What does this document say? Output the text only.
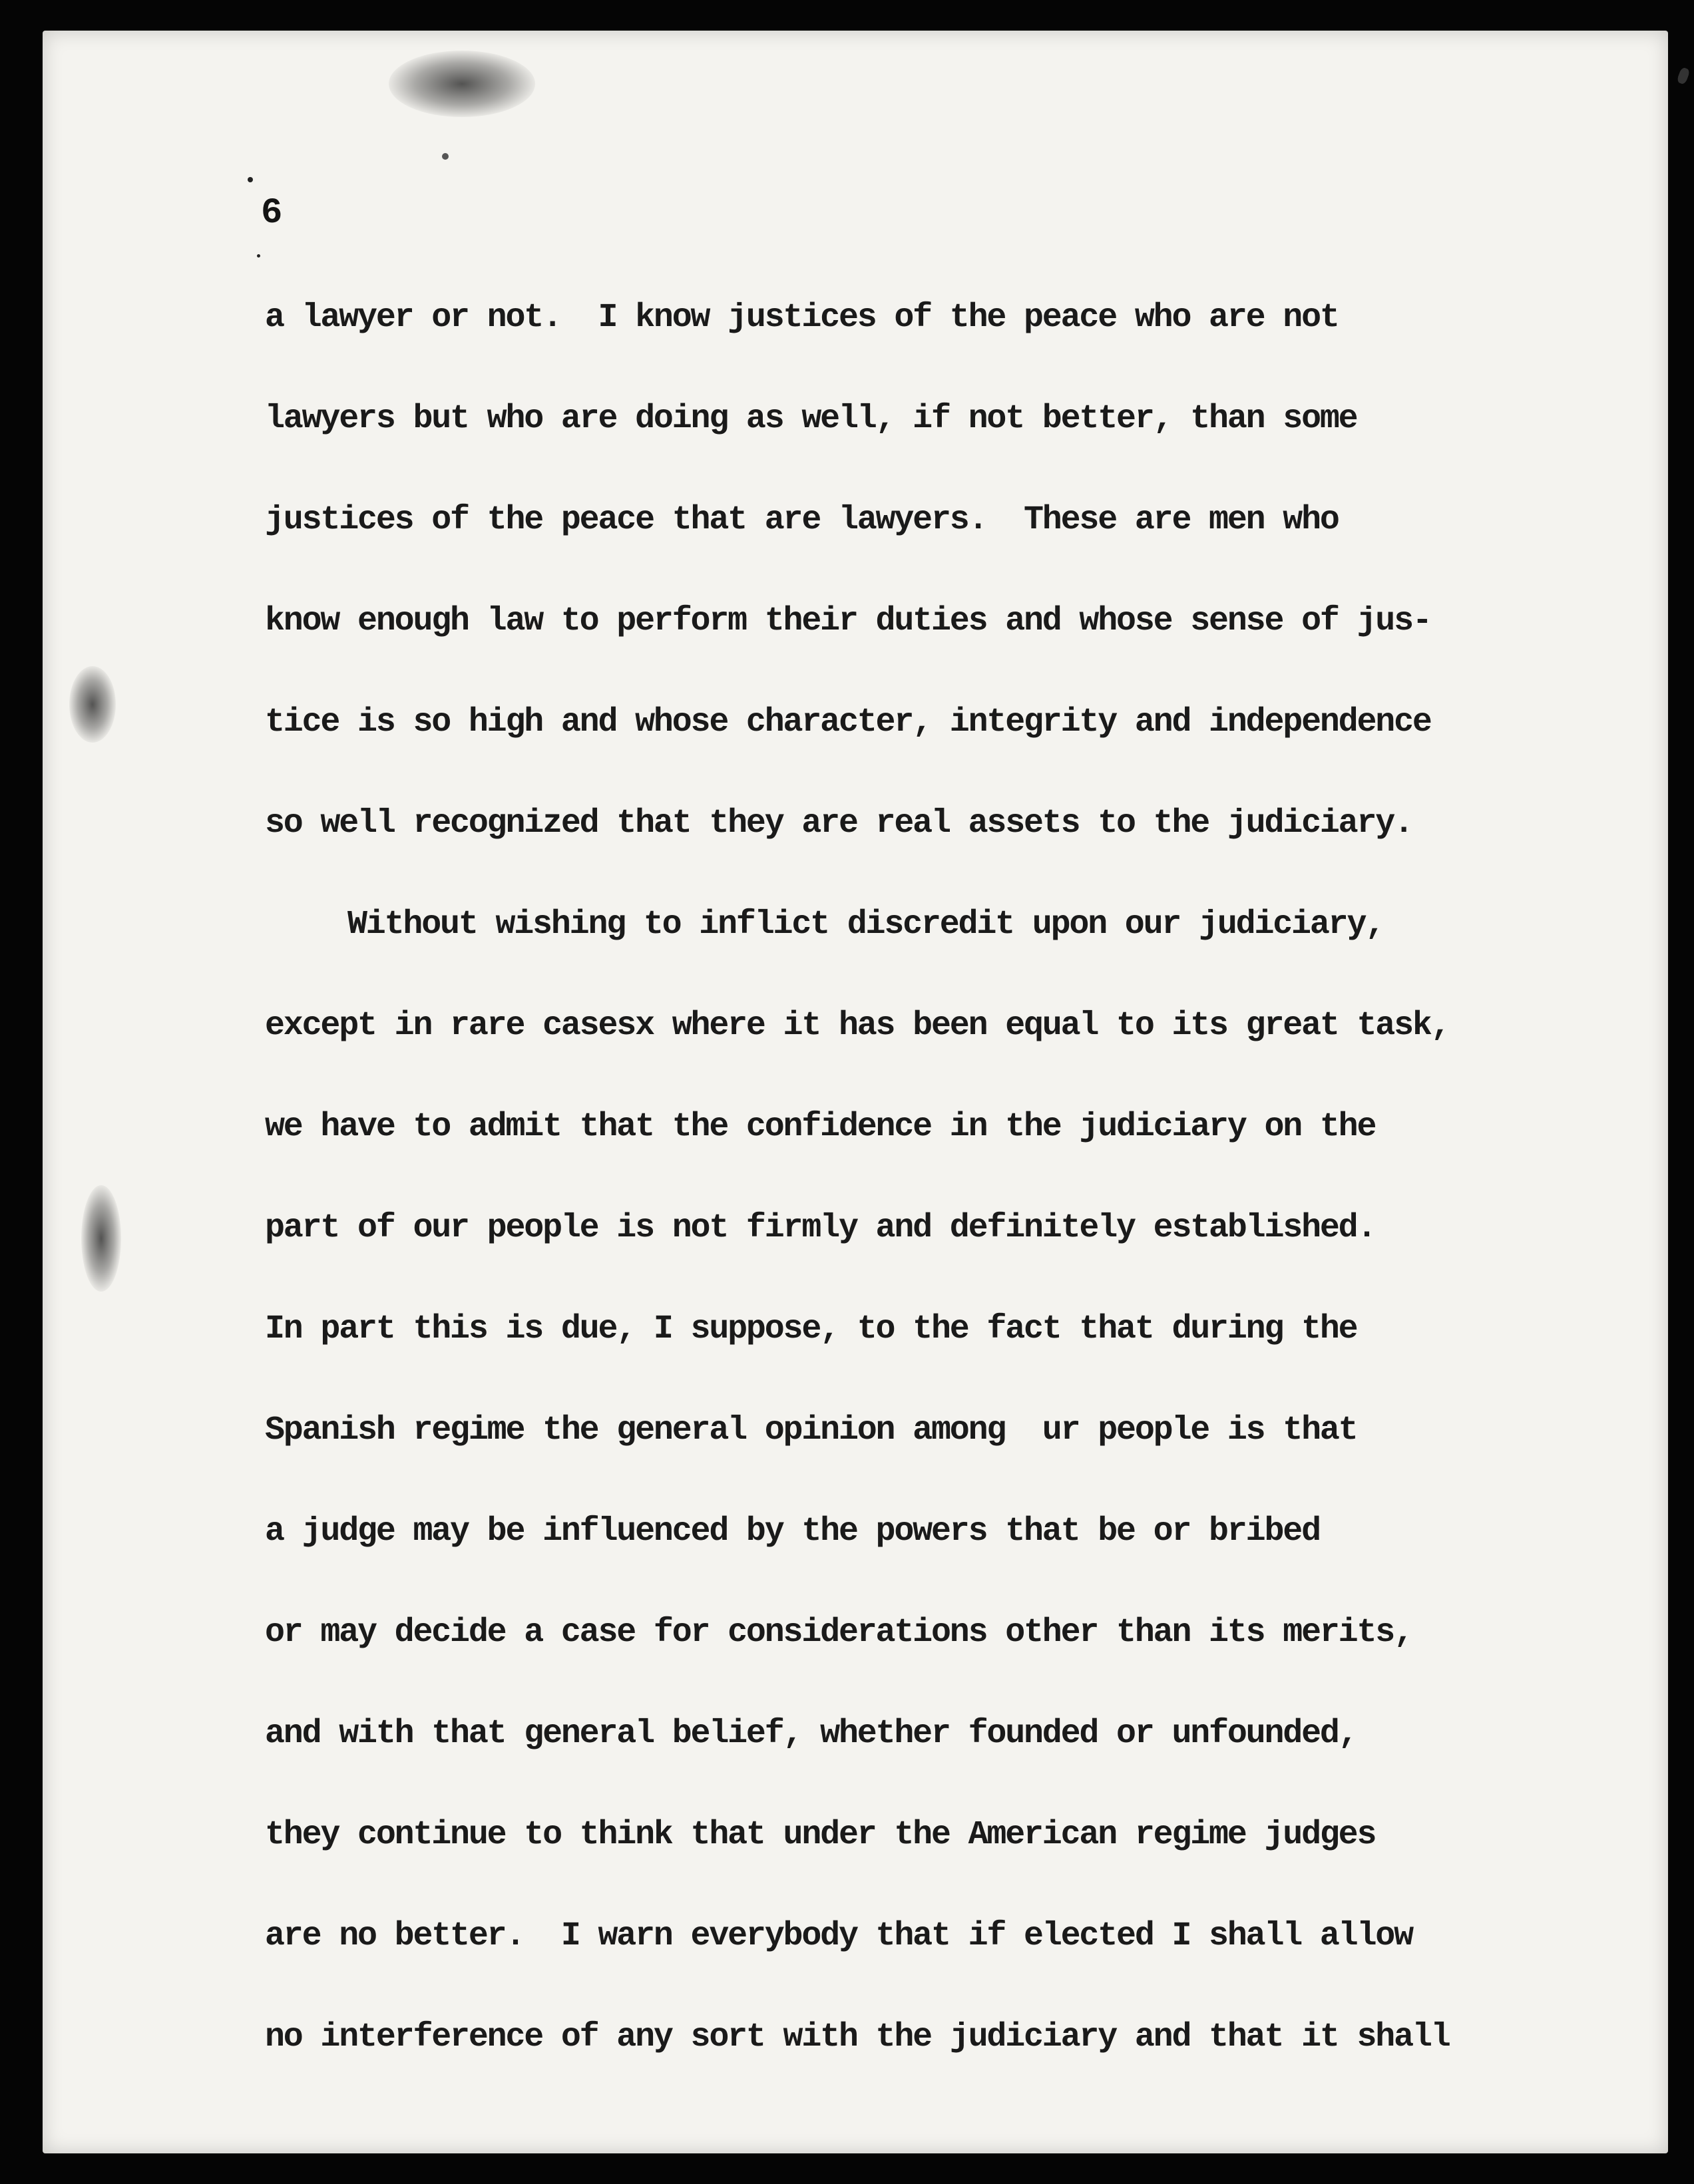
6
a lawyer or not.  I know justices of the peace who are not
lawyers but who are doing as well, if not better, than some
justices of the peace that are lawyers.  These are men who
know enough law to perform their duties and whose sense of jus-
tice is so high and whose character, integrity and independence
so well recognized that they are real assets to the judiciary.
Without wishing to inflict discredit upon our judiciary,
except in rare casesx where it has been equal to its great task,
we have to admit that the confidence in the judiciary on the
part of our people is not firmly and definitely established.
In part this is due, I suppose, to the fact that during the
Spanish regime the general opinion among  ur people is that
a judge may be influenced by the powers that be or bribed
or may decide a case for considerations other than its merits,
and with that general belief, whether founded or unfounded,
they continue to think that under the American regime judges
are no better.  I warn everybody that if elected I shall allow
no interference of any sort with the judiciary and that it shall
